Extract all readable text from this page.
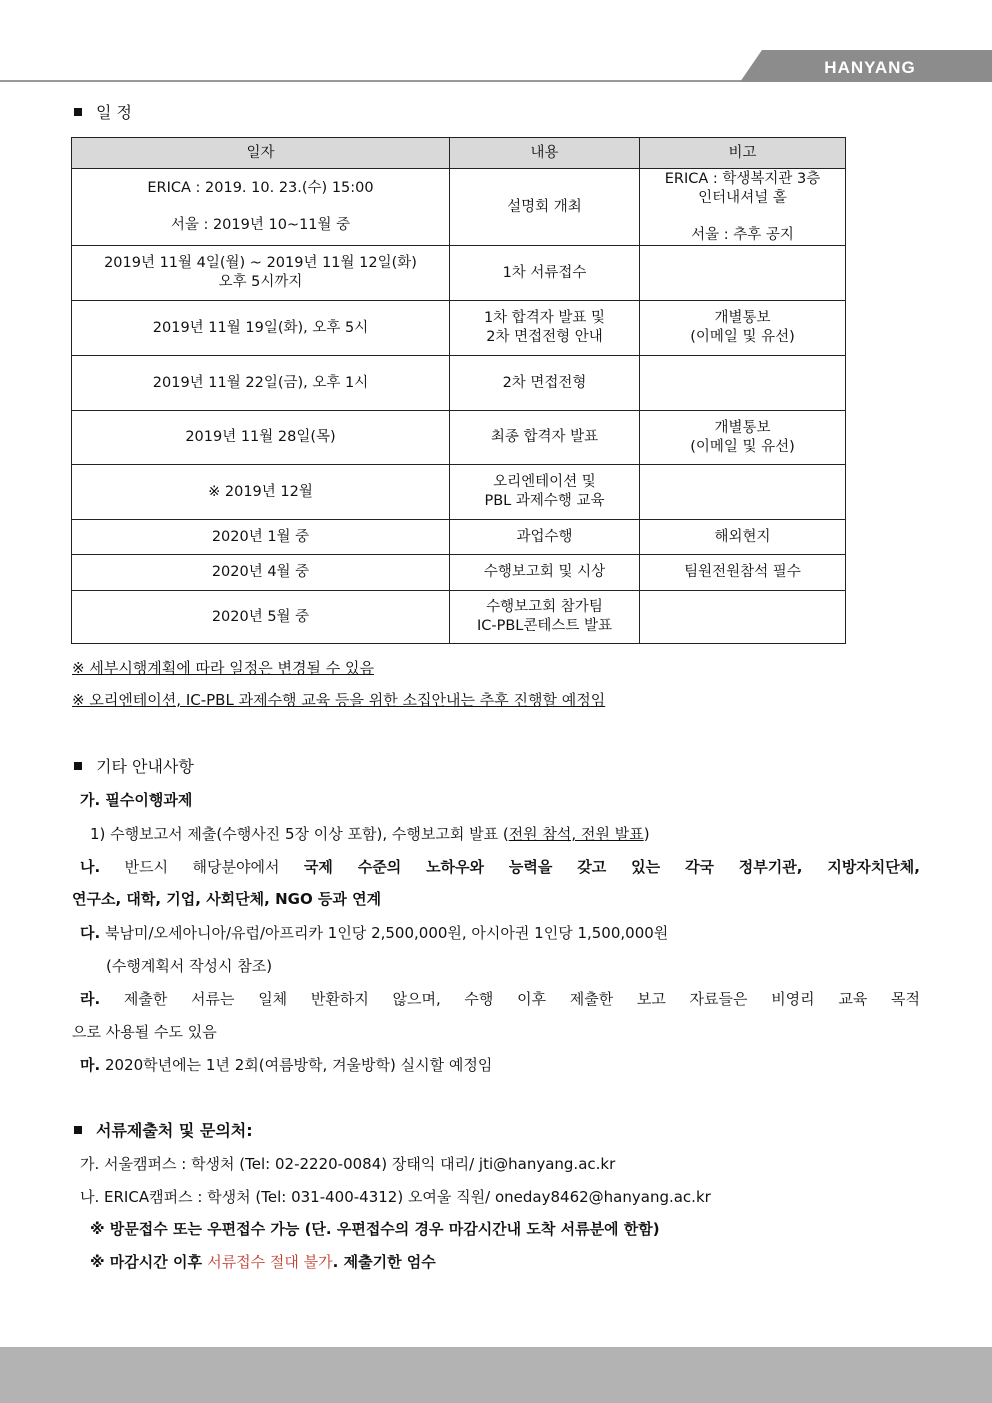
HANYANG UNIVERSITY
일 정
일자	내용	비고

ERICA : 2019. 10. 23.(수) 15:00
서울 : 2019년 10~11월 중	설명회 개최	ERICA : 학생복지관 3층
인터내셔널 홀
서울 : 추후 공지

2019년 11월 4일(월) ~ 2019년 11월 12일(화)
오후 5시까지	1차 서류접수	

2019년 11월 19일(화), 오후 5시	1차 합격자 발표 및
2차 면접전형 안내	개별통보
(이메일 및 유선)

2019년 11월 22일(금), 오후 1시	2차 면접전형	

2019년 11월 28일(목)	최종 합격자 발표	개별통보
(이메일 및 유선)

※ 2019년 12월	오리엔테이션 및
PBL 과제수행 교육	

2020년 1월 중	과업수행	해외현지

2020년 4월 중	수행보고회 및 시상	팀원전원참석 필수

2020년 5월 중	수행보고회 참가팀
IC-PBL콘테스트 발표	

※ 세부시행계획에 따라 일정은 변경될 수 있음
※ 오리엔테이션, IC-PBL 과제수행 교육 등을 위한 소집안내는 추후 진행할 예정임
기타 안내사항
가. 필수이행과제
1) 수행보고서 제출(수행사진 5장 이상 포함), 수행보고회 발표 (전원 참석, 전원 발표)
나. 반드시 해당분야에서 국제 수준의 노하우와 능력을 갖고 있는 각국 정부기관, 지방자치단체,
연구소, 대학, 기업, 사회단체, NGO 등과 연계
다. 북남미/오세아니아/유럽/아프리카 1인당 2,500,000원, 아시아권 1인당 1,500,000원
(수행계획서 작성시 참조)
라. 제출한 서류는 일체 반환하지 않으며, 수행 이후 제출한 보고 자료들은 비영리 교육 목적
으로 사용될 수도 있음
마. 2020학년에는 1년 2회(여름방학, 겨울방학) 실시할 예정임
서류제출처 및 문의처:
가. 서울캠퍼스 : 학생처 (Tel: 02-2220-0084) 장태익 대리/ jti@hanyang.ac.kr
나. ERICA캠퍼스 : 학생처 (Tel: 031-400-4312) 오여울 직원/ oneday8462@hanyang.ac.kr
※ 방문접수 또는 우편접수 가능 (단. 우편접수의 경우 마감시간내 도착 서류분에 한함)
※ 마감시간 이후 서류접수 절대 불가. 제출기한 엄수
